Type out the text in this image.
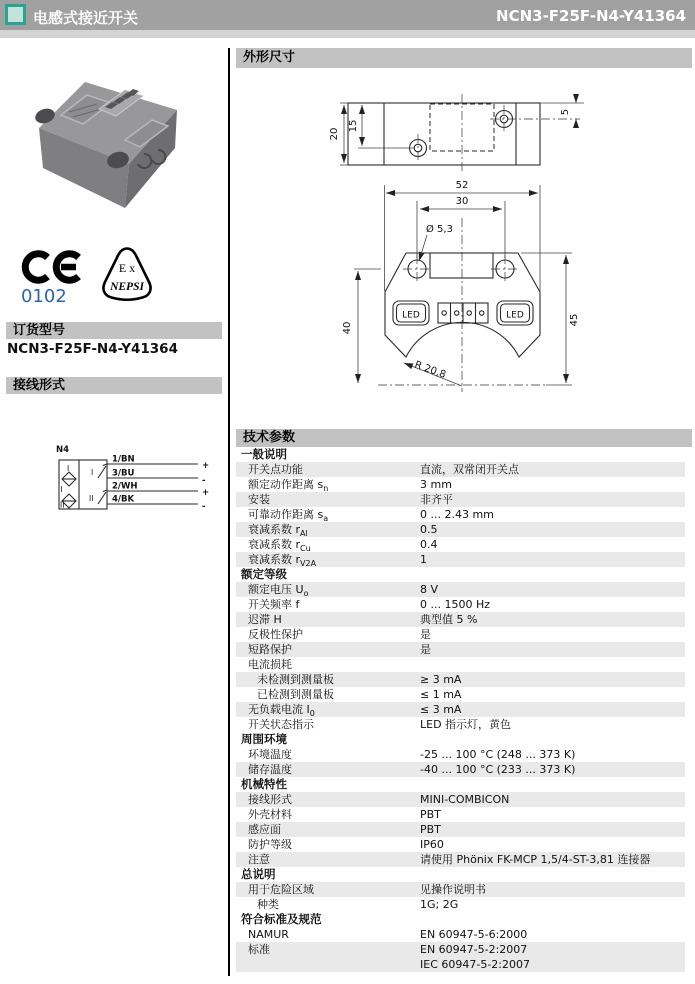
电感式接近开关	NCN3-F25F-N4-Y41364
0102
E x
NEPSI
订货型号
NCN3-F25F-N4-Y41364
接线形式
N4
I
I
II
1/BN
3/BU
2/WH
4/BK
+
-
+
-
I
II
外形尺寸
20
15
5
52
30
Ø 5,3
LED	LED
40
45
R 20,8
技术参数
一般说明
开关点功能	直流，双常闭开关点
额定动作距离 $s_n$	3 mm
安装	非齐平
可靠动作距离 $s_a$	0 ... 2.43 mm
衰减系数 $r_{Al}$	0.5
衰减系数 $r_{Cu}$	0.4
衰减系数 $r_{V2A}$	1
额定等级
额定电压 $U_o$	8 V
开关频率 f	0 ... 1500 Hz
迟滞 H	典型值 5 %
反极性保护	是
短路保护	是
电流损耗
未检测到测量板	≥ 3 mA
已检测到测量板	≤ 1 mA
无负载电流 $I_0$	≤ 3 mA
开关状态指示	LED 指示灯，黄色
周围环境
环境温度	-25 ... 100 °C (248 ... 373 K)
储存温度	-40 ... 100 °C (233 ... 373 K)
机械特性
接线形式	MINI-COMBICON
外壳材料	PBT
感应面	PBT
防护等级	IP60
注意	请使用 Phönix FK-MCP 1,5/4-ST-3,81 连接器
总说明
用于危险区域	见操作说明书
种类	1G; 2G
符合标准及规范
NAMUR	EN 60947-5-6:2000
标准	EN 60947-5-2:2007
IEC 60947-5-2:2007
